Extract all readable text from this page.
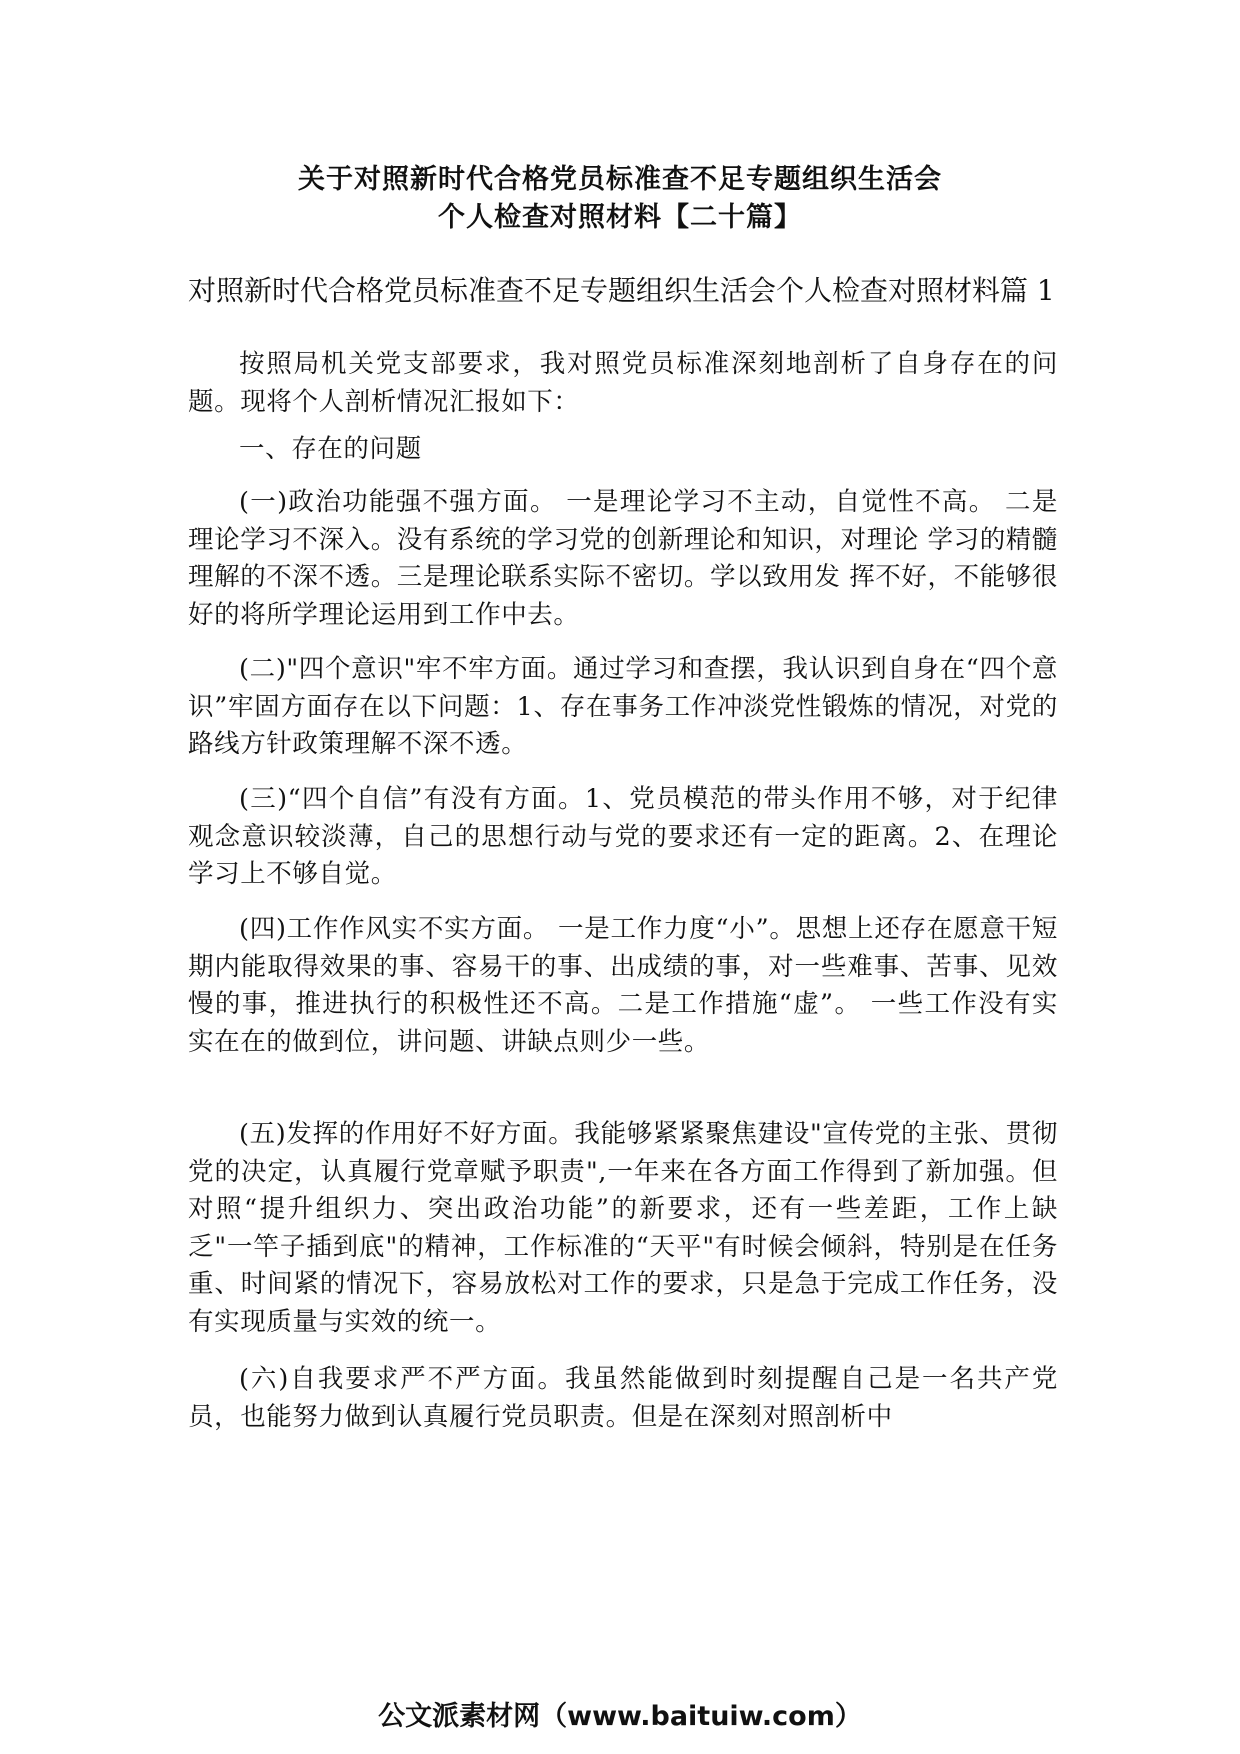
关于对照新时代合格党员标准查不足专题组织生活会
个人检查对照材料【二十篇】

对照新时代合格党员标准查不足专题组织生活会个人检查对照材料篇 1

按照局机关党支部要求，我对照党员标准深刻地剖析了自身存在的问题。现将个人剖析情况汇报如下：

一、存在的问题

(一)政治功能强不强方面。 一是理论学习不主动，自觉性不高。 二是理论学习不深入。没有系统的学习党的创新理论和知识，对理论 学习的精髓理解的不深不透。三是理论联系实际不密切。学以致用发 挥不好，不能够很好的将所学理论运用到工作中去。

(二)"四个意识"牢不牢方面。通过学习和查摆，我认识到自身在“四个意识”牢固方面存在以下问题：1、存在事务工作冲淡党性锻炼的情况，对党的路线方针政策理解不深不透。

(三)“四个自信”有没有方面。1、党员模范的带头作用不够，对于纪律观念意识较淡薄，自己的思想行动与党的要求还有一定的距离。2、在理论学习上不够自觉。

(四)工作作风实不实方面。 一是工作力度“小”。思想上还存在愿意干短期内能取得效果的事、容易干的事、出成绩的事，对一些难事、苦事、见效慢的事，推进执行的积极性还不高。二是工作措施“虚”。 一些工作没有实实在在的做到位，讲问题、讲缺点则少一些。

(五)发挥的作用好不好方面。我能够紧紧聚焦建设"宣传党的主张、贯彻党的决定，认真履行党章赋予职责",一年来在各方面工作得到了新加强。但对照“提升组织力、突出政治功能”的新要求，还有一些差距，工作上缺乏"一竿子插到底"的精神，工作标准的“天平"有时候会倾斜，特别是在任务重、时间紧的情况下，容易放松对工作的要求，只是急于完成工作任务，没有实现质量与实效的统一。

(六)自我要求严不严方面。我虽然能做到时刻提醒自己是一名共产党员，也能努力做到认真履行党员职责。但是在深刻对照剖析中

公文派素材网（www.baituiw.com）
